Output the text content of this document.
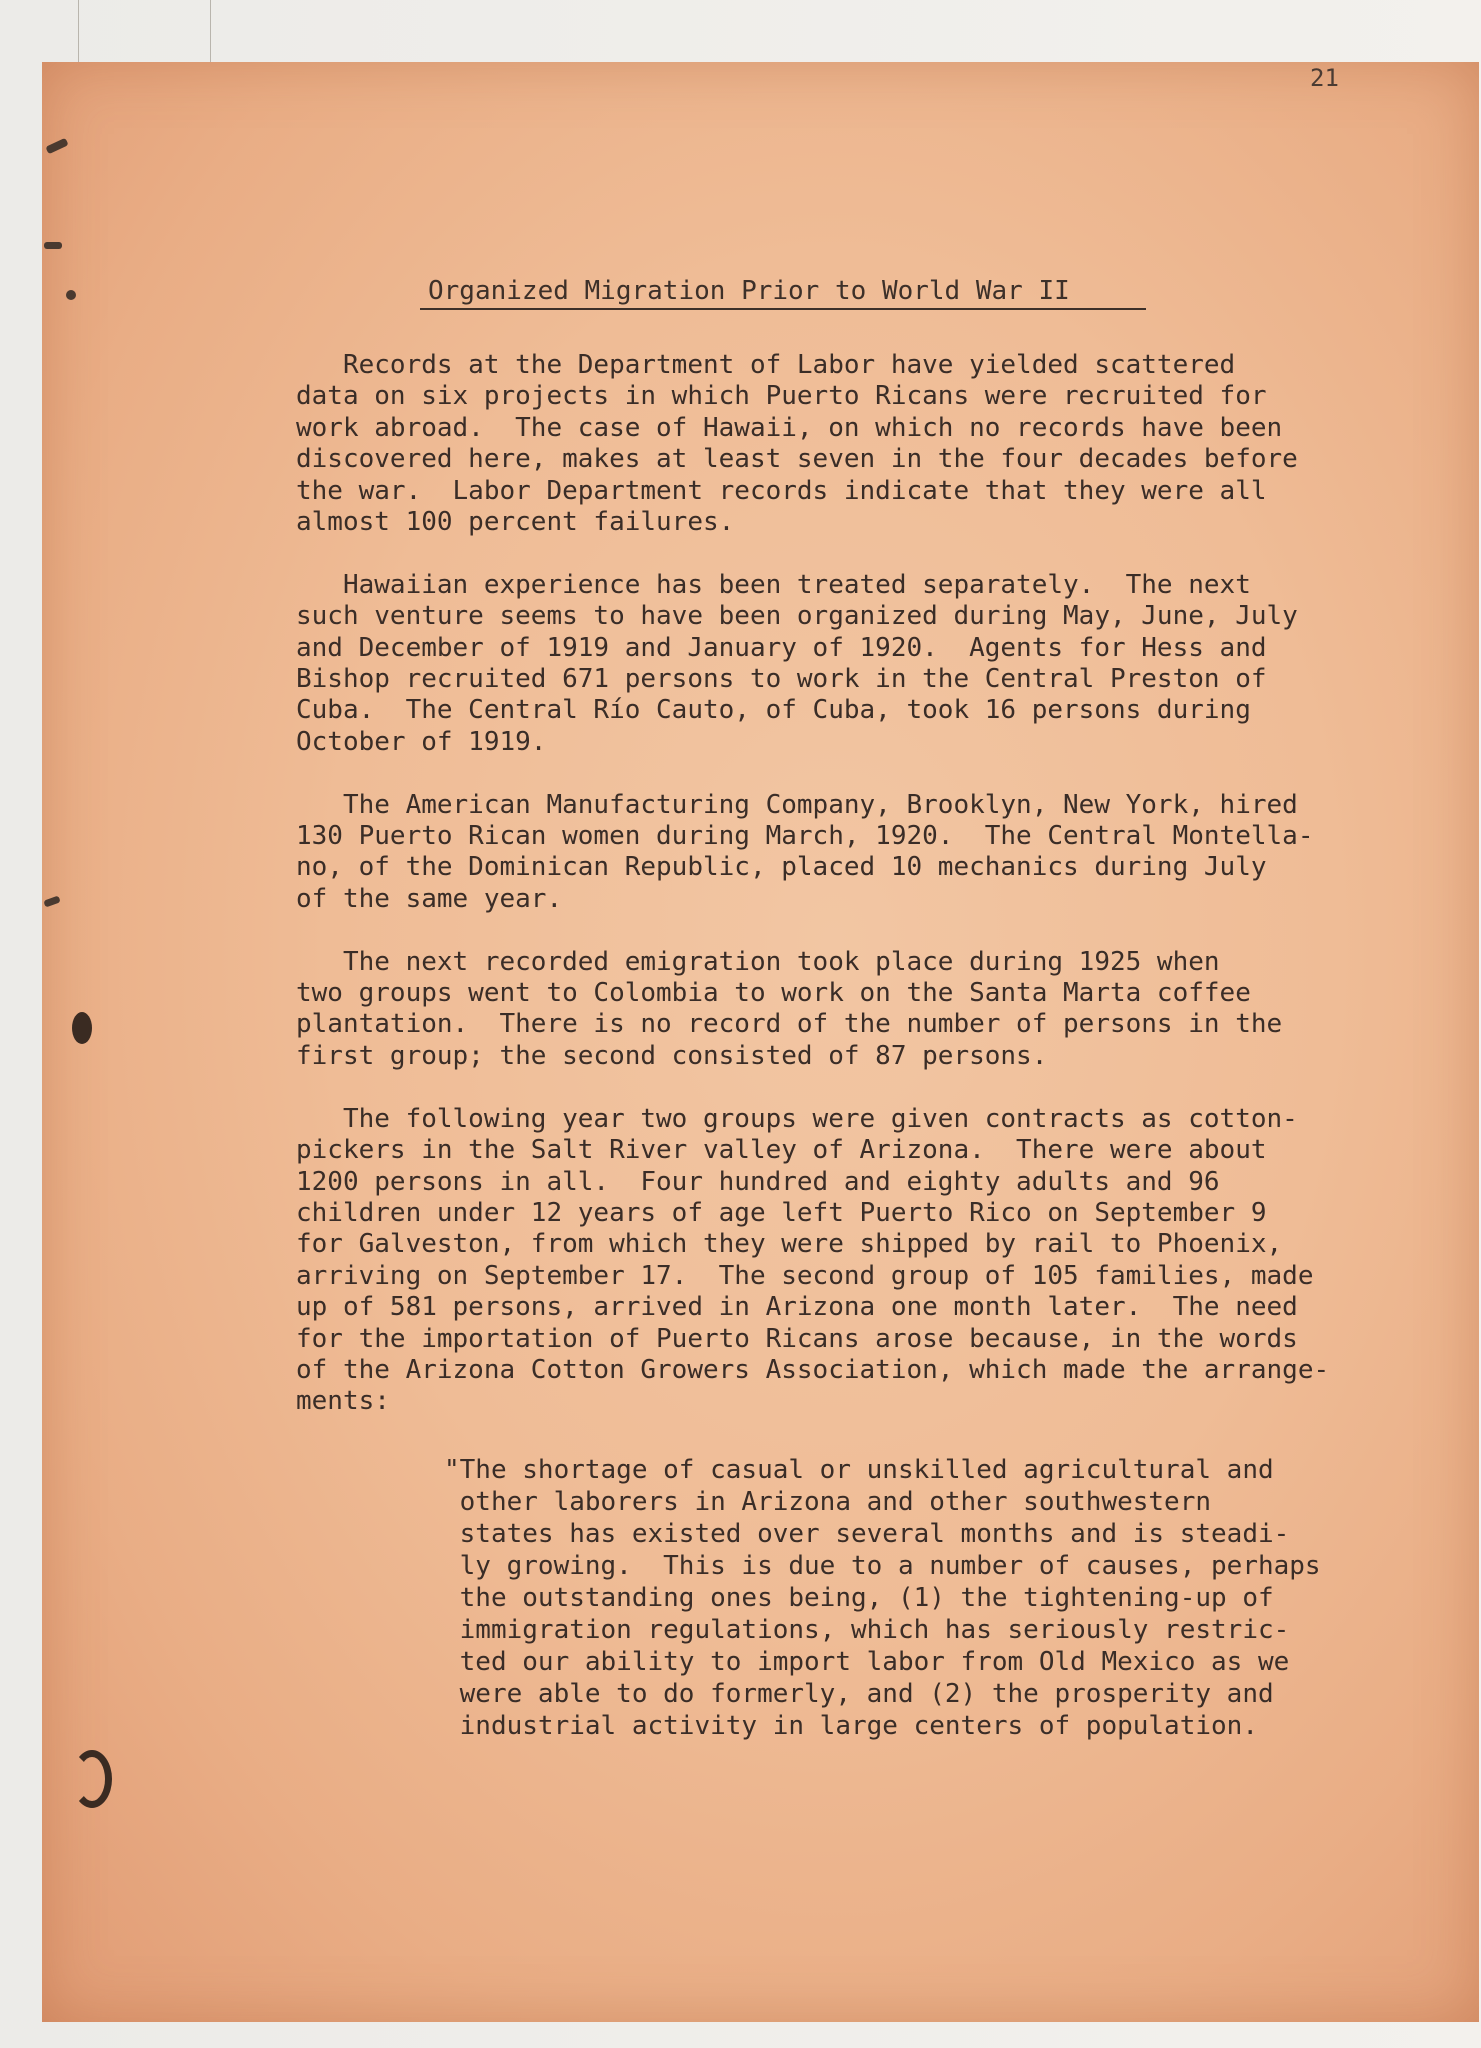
21
Organized Migration Prior to World War II

Records at the Department of Labor have yielded scattered
data on six projects in which Puerto Ricans were recruited for
work abroad.  The case of Hawaii, on which no records have been
discovered here, makes at least seven in the four decades before
the war.  Labor Department records indicate that they were all
almost 100 percent failures.

Hawaiian experience has been treated separately.  The next
such venture seems to have been organized during May, June, July
and December of 1919 and January of 1920.  Agents for Hess and
Bishop recruited 671 persons to work in the Central Preston of
Cuba.  The Central Río Cauto, of Cuba, took 16 persons during
October of 1919.

The American Manufacturing Company, Brooklyn, New York, hired
130 Puerto Rican women during March, 1920.  The Central Montella-
no, of the Dominican Republic, placed 10 mechanics during July
of the same year.

The next recorded emigration took place during 1925 when
two groups went to Colombia to work on the Santa Marta coffee
plantation.  There is no record of the number of persons in the
first group; the second consisted of 87 persons.

The following year two groups were given contracts as cotton-
pickers in the Salt River valley of Arizona.  There were about
1200 persons in all.  Four hundred and eighty adults and 96
children under 12 years of age left Puerto Rico on September 9
for Galveston, from which they were shipped by rail to Phoenix,
arriving on September 17.  The second group of 105 families, made
up of 581 persons, arrived in Arizona one month later.  The need
for the importation of Puerto Ricans arose because, in the words
of the Arizona Cotton Growers Association, which made the arrange-
ments:

"The shortage of casual or unskilled agricultural and
other laborers in Arizona and other southwestern
states has existed over several months and is steadi-
ly growing.  This is due to a number of causes, perhaps
the outstanding ones being, (1) the tightening-up of
immigration regulations, which has seriously restric-
ted our ability to import labor from Old Mexico as we
were able to do formerly, and (2) the prosperity and
industrial activity in large centers of population.
